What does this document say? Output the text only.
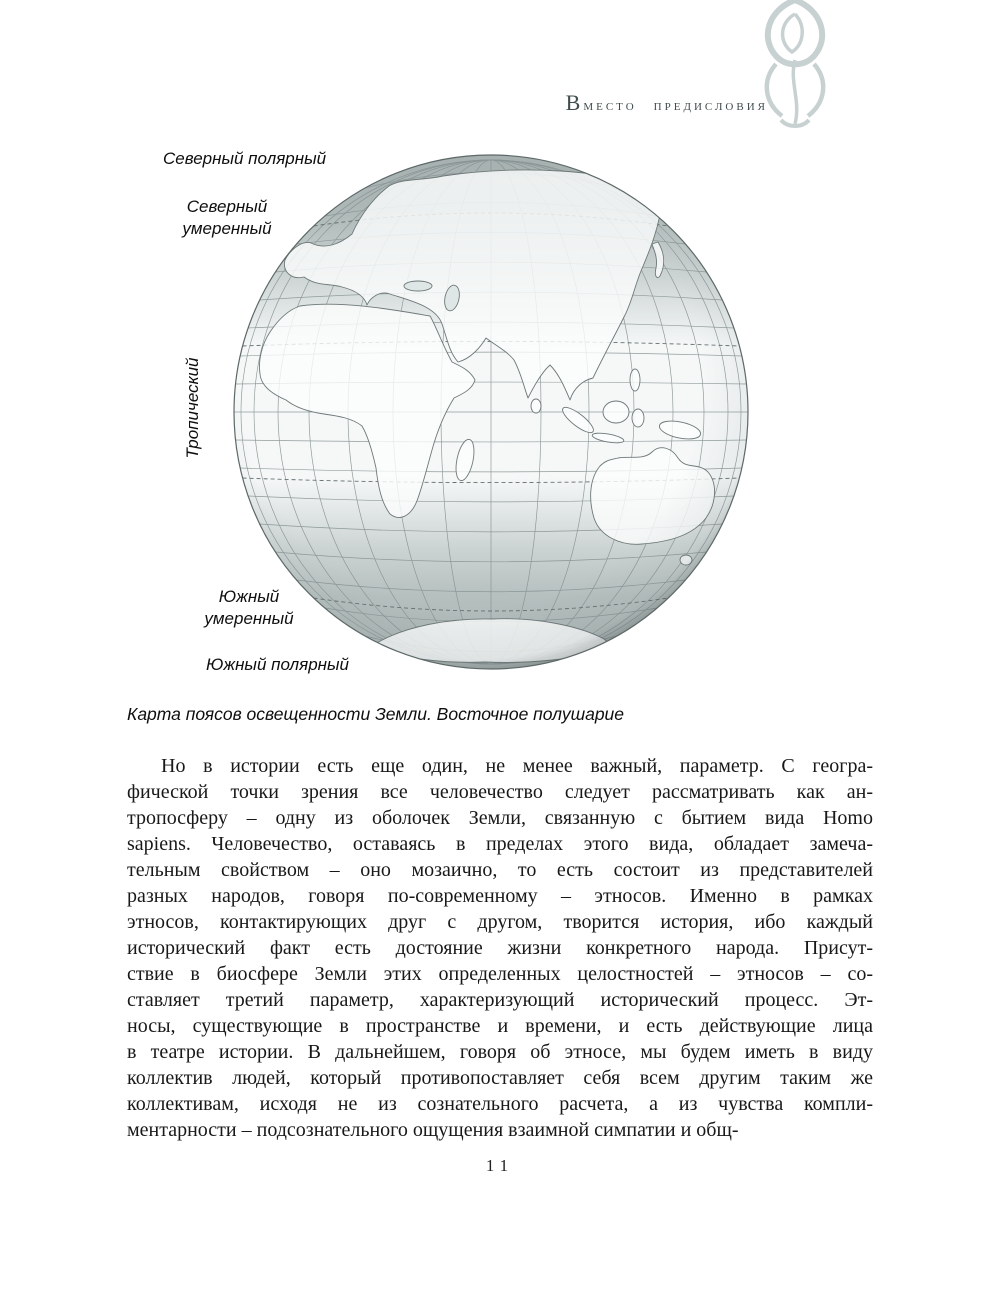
Вместо предисловия
Северный полярный
Северный
умеренный
Тропический
Южный
умеренный
Южный полярный
Карта поясов освещенности Земли. Восточное полушарие
Но в истории есть еще один, не менее важный, параметр. С геогра-
фической точки зрения все человечество следует рассматривать как ан-
тропосферу – одну из оболочек Земли, связанную с бытием вида Homo
sapiens. Человечество, оставаясь в пределах этого вида, обладает замеча-
тельным свойством – оно мозаично, то есть состоит из представителей
разных народов, говоря по-современному – этносов. Именно в рамках
этносов, контактирующих друг с другом, творится история, ибо каждый
исторический факт есть достояние жизни конкретного народа. Присут-
ствие в биосфере Земли этих определенных целостностей – этносов – со-
ставляет третий параметр, характеризующий исторический процесс. Эт-
носы, существующие в пространстве и времени, и есть действующие лица
в театре истории. В дальнейшем, говоря об этносе, мы будем иметь в виду
коллектив людей, который противопоставляет себя всем другим таким же
коллективам, исходя не из сознательного расчета, а из чувства компли-
ментарности – подсознательного ощущения взаимной симпатии и общ-
11
